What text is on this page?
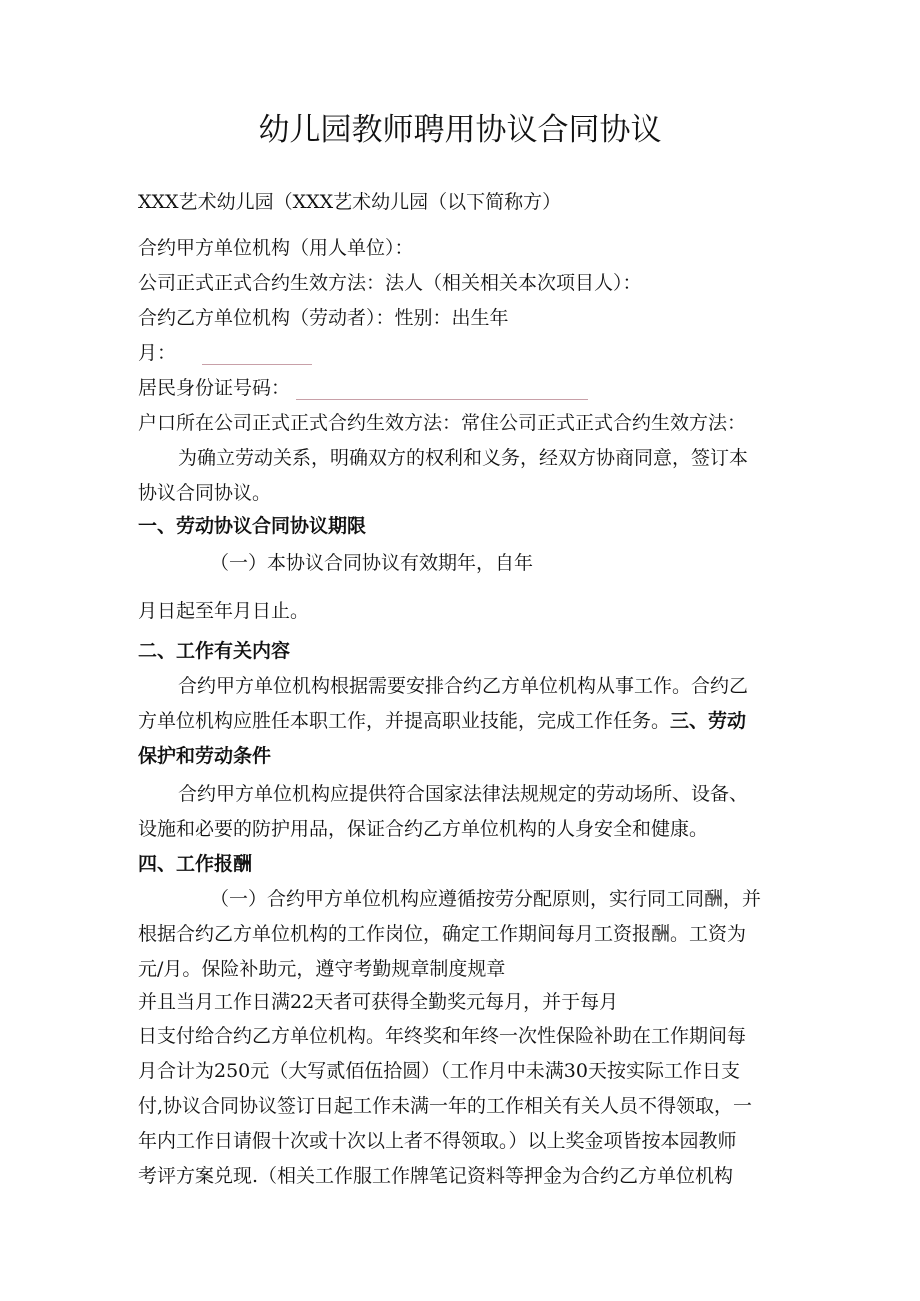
幼儿园教师聘用协议合同协议
XXX艺术幼儿园（XXX艺术幼儿园（以下简称方）
合约甲方单位机构（用人单位）：
公司正式正式合约生效方法：法人（相关相关本次项目人）：
合约乙方单位机构（劳动者）：性别：出生年
月：
居民身份证号码：
户口所在公司正式正式合约生效方法：常住公司正式正式合约生效方法：
为确立劳动关系，明确双方的权利和义务，经双方协商同意，签订本
协议合同协议。
一、劳动协议合同协议期限
（一）本协议合同协议有效期年，自年
月日起至年月日止。
二、工作有关内容
合约甲方单位机构根据需要安排合约乙方单位机构从事工作。合约乙
方单位机构应胜任本职工作，并提高职业技能，完成工作任务。三、劳动
保护和劳动条件
合约甲方单位机构应提供符合国家法律法规规定的劳动场所、设备、
设施和必要的防护用品，保证合约乙方单位机构的人身安全和健康。
四、工作报酬
（一）合约甲方单位机构应遵循按劳分配原则，实行同工同酬，并
根据合约乙方单位机构的工作岗位，确定工作期间每月工资报酬。工资为
元/月。保险补助元，遵守考勤规章制度规章
并且当月工作日满22天者可获得全勤奖元每月，并于每月
日支付给合约乙方单位机构。年终奖和年终一次性保险补助在工作期间每
月合计为250元（大写贰佰伍拾圆）（工作月中未满30天按实际工作日支
付,协议合同协议签订日起工作未满一年的工作相关有关人员不得领取，一
年内工作日请假十次或十次以上者不得领取。）以上奖金项皆按本园教师
考评方案兑现.（相关工作服工作牌笔记资料等押金为合约乙方单位机构
